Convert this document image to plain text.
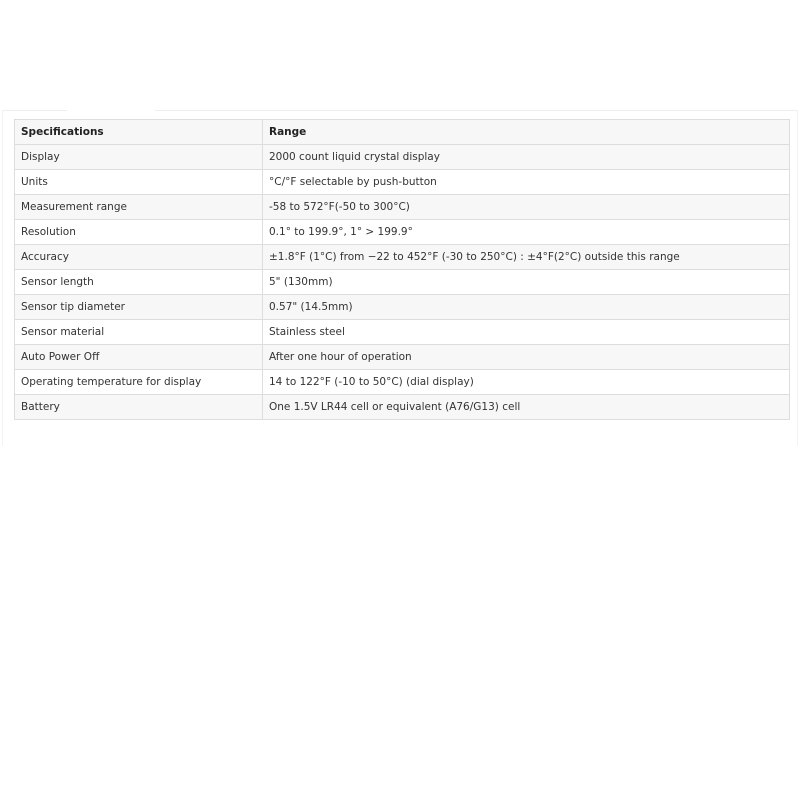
Specifications	Range
Display	2000 count liquid crystal display
Units	°C/°F selectable by push-button
Measurement range	-58 to 572°F(-50 to 300°C)
Resolution	0.1° to 199.9°, 1° > 199.9°
Accuracy	±1.8°F (1°C) from −22 to 452°F (-30 to 250°C) : ±4°F(2°C) outside this range
Sensor length	5" (130mm)
Sensor tip diameter	0.57" (14.5mm)
Sensor material	Stainless steel
Auto Power Off	After one hour of operation
Operating temperature for display	14 to 122°F (-10 to 50°C) (dial display)
Battery	One 1.5V LR44 cell or equivalent (A76/G13) cell
